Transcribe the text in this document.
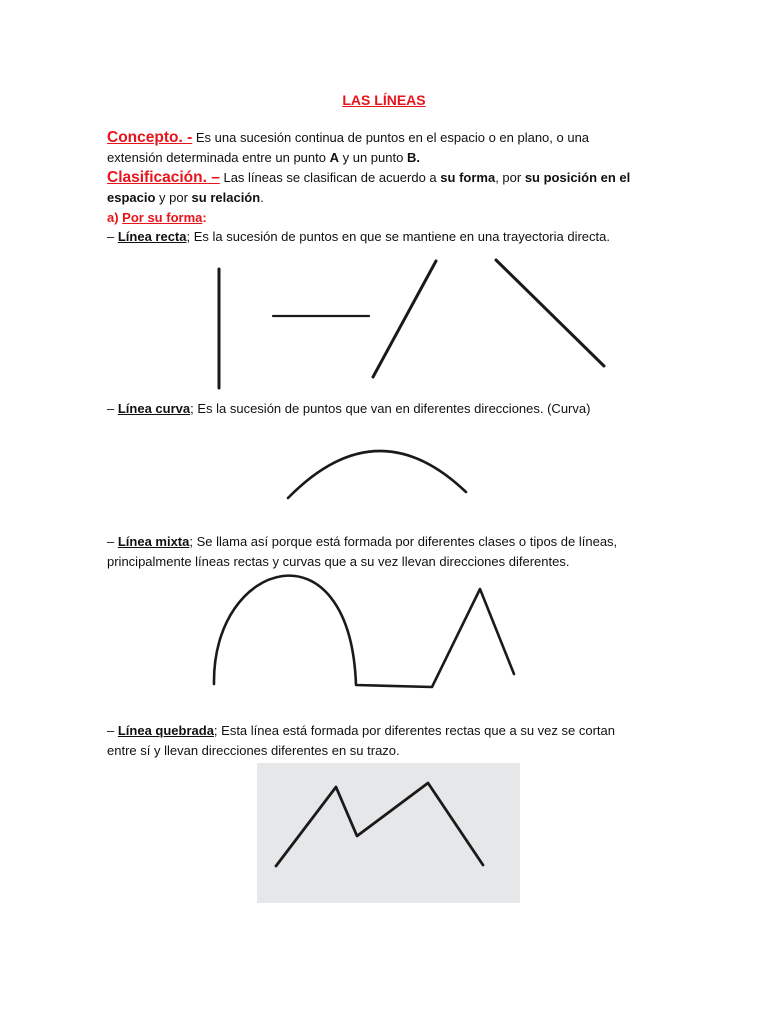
LAS LÍNEAS
Concepto. - Es una sucesión continua de puntos en el espacio o en plano, o una extensión determinada entre un punto A y un punto B.
Clasificación. – Las líneas se clasifican de acuerdo a su forma, por su posición en el espacio y por su relación.
a) Por su forma:
– Línea recta; Es la sucesión de puntos en que se mantiene en una trayectoria directa.
– Línea curva; Es la sucesión de puntos que van en diferentes direcciones. (Curva)
– Línea mixta; Se llama así porque está formada por diferentes clases o tipos de líneas, principalmente líneas rectas y curvas que a su vez llevan direcciones diferentes.
– Línea quebrada; Esta línea está formada por diferentes rectas que a su vez se cortan entre sí y llevan direcciones diferentes en su trazo.
